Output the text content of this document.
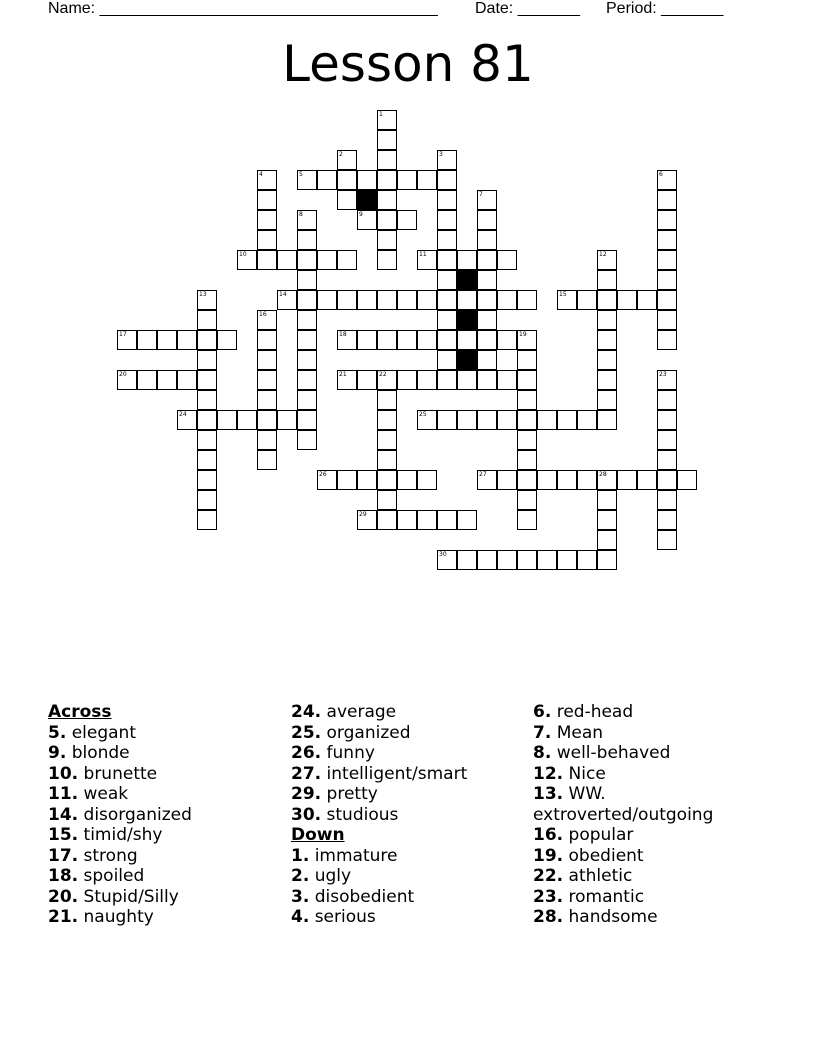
Name: ______________________________________ Date: _______ Period: _______
Lesson 81
5
9
10	11
14	15
17	18	19
20	21	22
24	25
26	27	28
29
30
1
2	3
4	6
7
8
13
16
12
23
Across
5. elegant
9. blonde
10. brunette
11. weak
14. disorganized
15. timid/shy
17. strong
18. spoiled
20. Stupid/Silly
21. naughty
24. average
25. organized
26. funny
27. intelligent/smart
29. pretty
30. studious
Down
1. immature
2. ugly
3. disobedient
4. serious
6. red-head
7. Mean
8. well-behaved
12. Nice
13. WW.
extroverted/outgoing
16. popular
19. obedient
22. athletic
23. romantic
28. handsome
